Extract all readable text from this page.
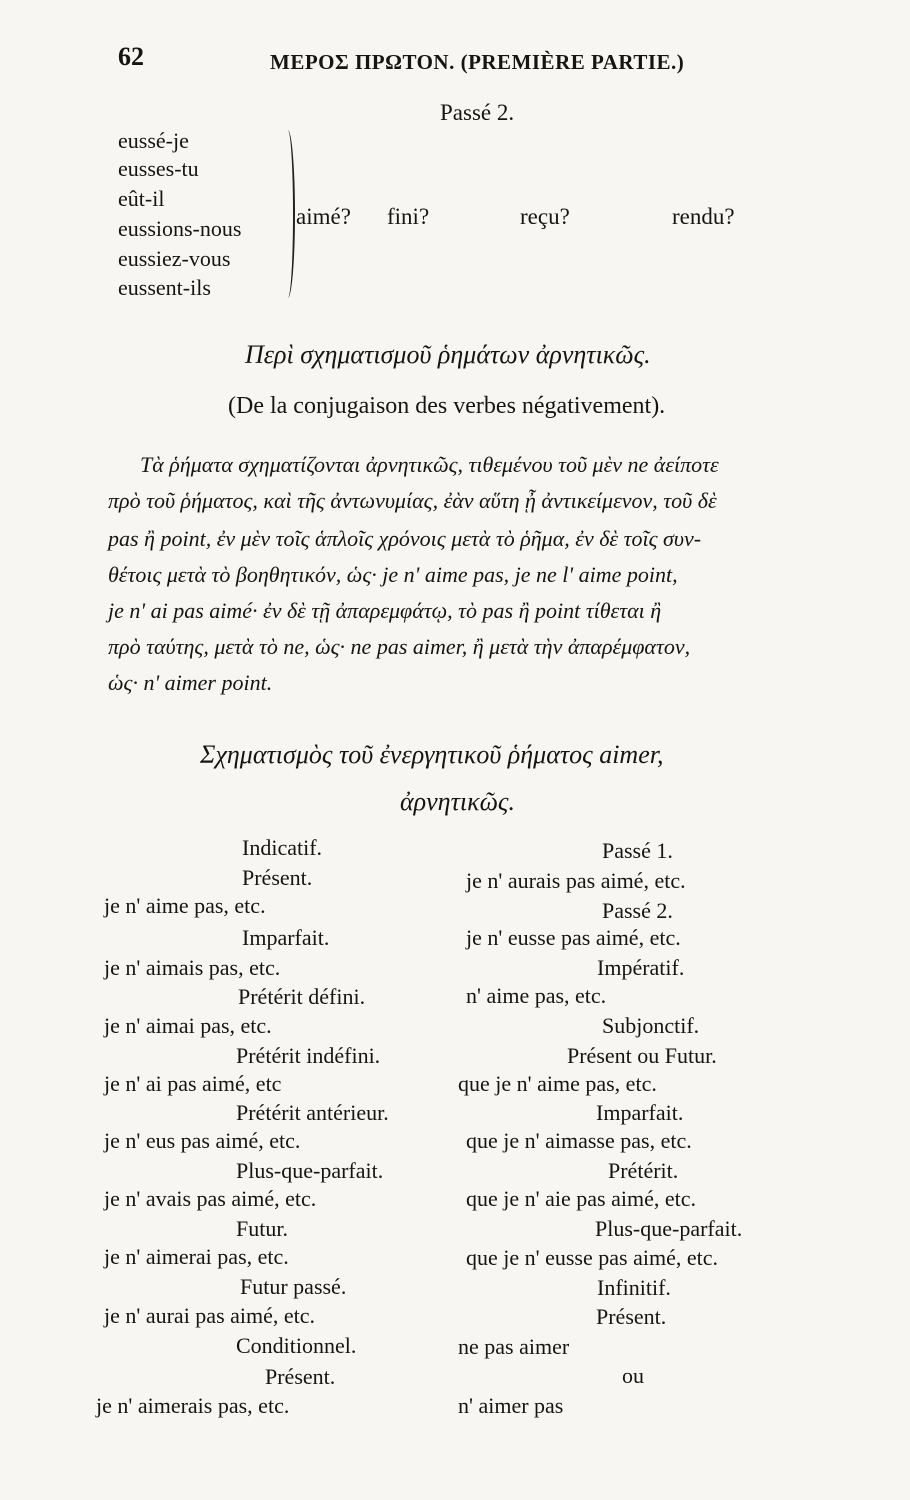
62	ΜΕΡΟΣ ΠΡΩΤΟΝ. (PREMIÈRE PARTIE.)
Passé 2.
eussé-je
eusses-tu
eût-il
eussions-nous
eussiez-vous
eussent-ils
aimé? fini?	reçu?	rendu?
Περὶ σχηματισμοῦ ῥημάτων ἀρνητικῶς.
(De la conjugaison des verbes négativement).
Τὰ ῥήματα σχηματίζονται ἀρνητικῶς, τιθεμένου τοῦ μὲν ne ἀείποτε
πρὸ τοῦ ῥήματος, καὶ τῆς ἀντωνυμίας, ἐὰν αὕτη ᾖ ἀντικείμενον, τοῦ δὲ
pas ἢ point, ἐν μὲν τοῖς ἁπλοῖς χρόνοις μετὰ τὸ ῥῆμα, ἐν δὲ τοῖς συν-
θέτοις μετὰ τὸ βοηθητικόν, ὡς· je n' aime pas, je ne l' aime point,
je n' ai pas aimé· ἐν δὲ τῇ ἀπαρεμφάτῳ, τὸ pas ἢ point τίθεται ἢ
πρὸ ταύτης, μετὰ τὸ ne, ὡς· ne pas aimer, ἢ μετὰ τὴν ἀπαρέμφατον,
ὡς· n' aimer point.
Σχηματισμὸς τοῦ ἐνεργητικοῦ ῥήματος aimer,
ἀρνητικῶς.
Indicatif.
Présent.
je n' aime pas, etc.
Imparfait.
je n' aimais pas, etc.
Prétérit défini.
je n' aimai pas, etc.
Prétérit indéfini.
je n' ai pas aimé, etc
Prétérit antérieur.
je n' eus pas aimé, etc.
Plus-que-parfait.
je n' avais pas aimé, etc.
Futur.
je n' aimerai pas, etc.
Futur passé.
je n' aurai pas aimé, etc.
Conditionnel.
Présent.
je n' aimerais pas, etc.
Passé 1.
je n' aurais pas aimé, etc.
Passé 2.
je n' eusse pas aimé, etc.
Impératif.
n' aime pas, etc.
Subjonctif.
Présent ou Futur.
que je n' aime pas, etc.
Imparfait.
que je n' aimasse pas, etc.
Prétérit.
que je n' aie pas aimé, etc.
Plus-que-parfait.
que je n' eusse pas aimé, etc.
Infinitif.
Présent.
ne pas aimer
ou
n' aimer pas
